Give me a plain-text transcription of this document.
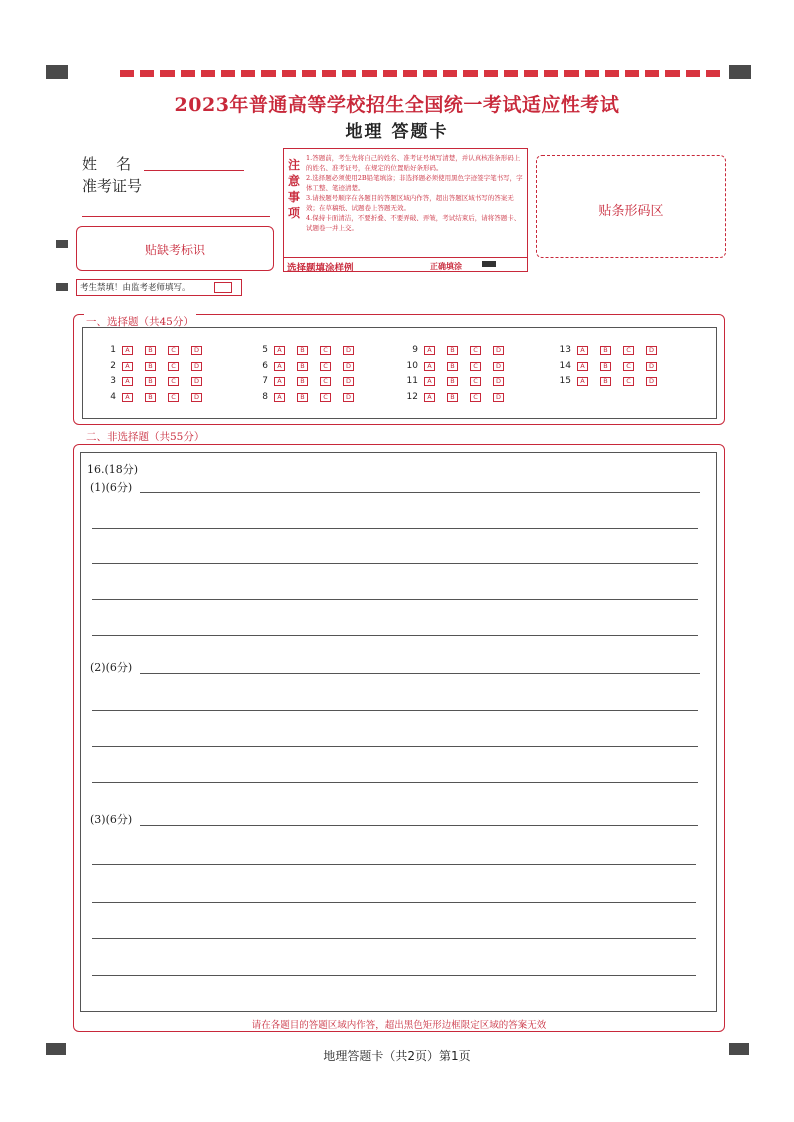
2023年普通高等学校招生全国统一考试适应性考试
地理 答题卡
姓    名
准考证号
贴缺考标识
考生禁填！由监考老师填写。
注意事项
1.答题前，考生先将自己的姓名、准考证号填写清楚，并认真核准条形码上的姓名、准考证号，在规定的位置贴好条形码。
2.选择题必须使用2B铅笔填涂；非选择题必须使用黑色字迹签字笔书写，字体工整、笔迹清楚。
3.请按题号顺序在各题目的答题区域内作答，超出答题区域书写的答案无效；在草稿纸、试题卷上答题无效。
4.保持卡面清洁，不要折叠、不要弄破、弄皱，考试结束后，请将答题卡、试题卷一并上交。
选择题填涂样例	正确填涂
贴条形码区
一、选择题（共45分）
1	A	B	C	D
2	A	B	C	D
3	A	B	C	D
4	A	B	C	D
5	A	B	C	D
6	A	B	C	D
7	A	B	C	D
8	A	B	C	D
9	A	B	C	D
10	A	B	C	D
11	A	B	C	D
12	A	B	C	D
13	A	B	C	D
14	A	B	C	D
15	A	B	C	D
二、非选择题（共55分）
16.(18分)
(1)(6分)
(2)(6分)
(3)(6分)
请在各题目的答题区域内作答，超出黑色矩形边框限定区域的答案无效
地理答题卡（共2页）第1页
